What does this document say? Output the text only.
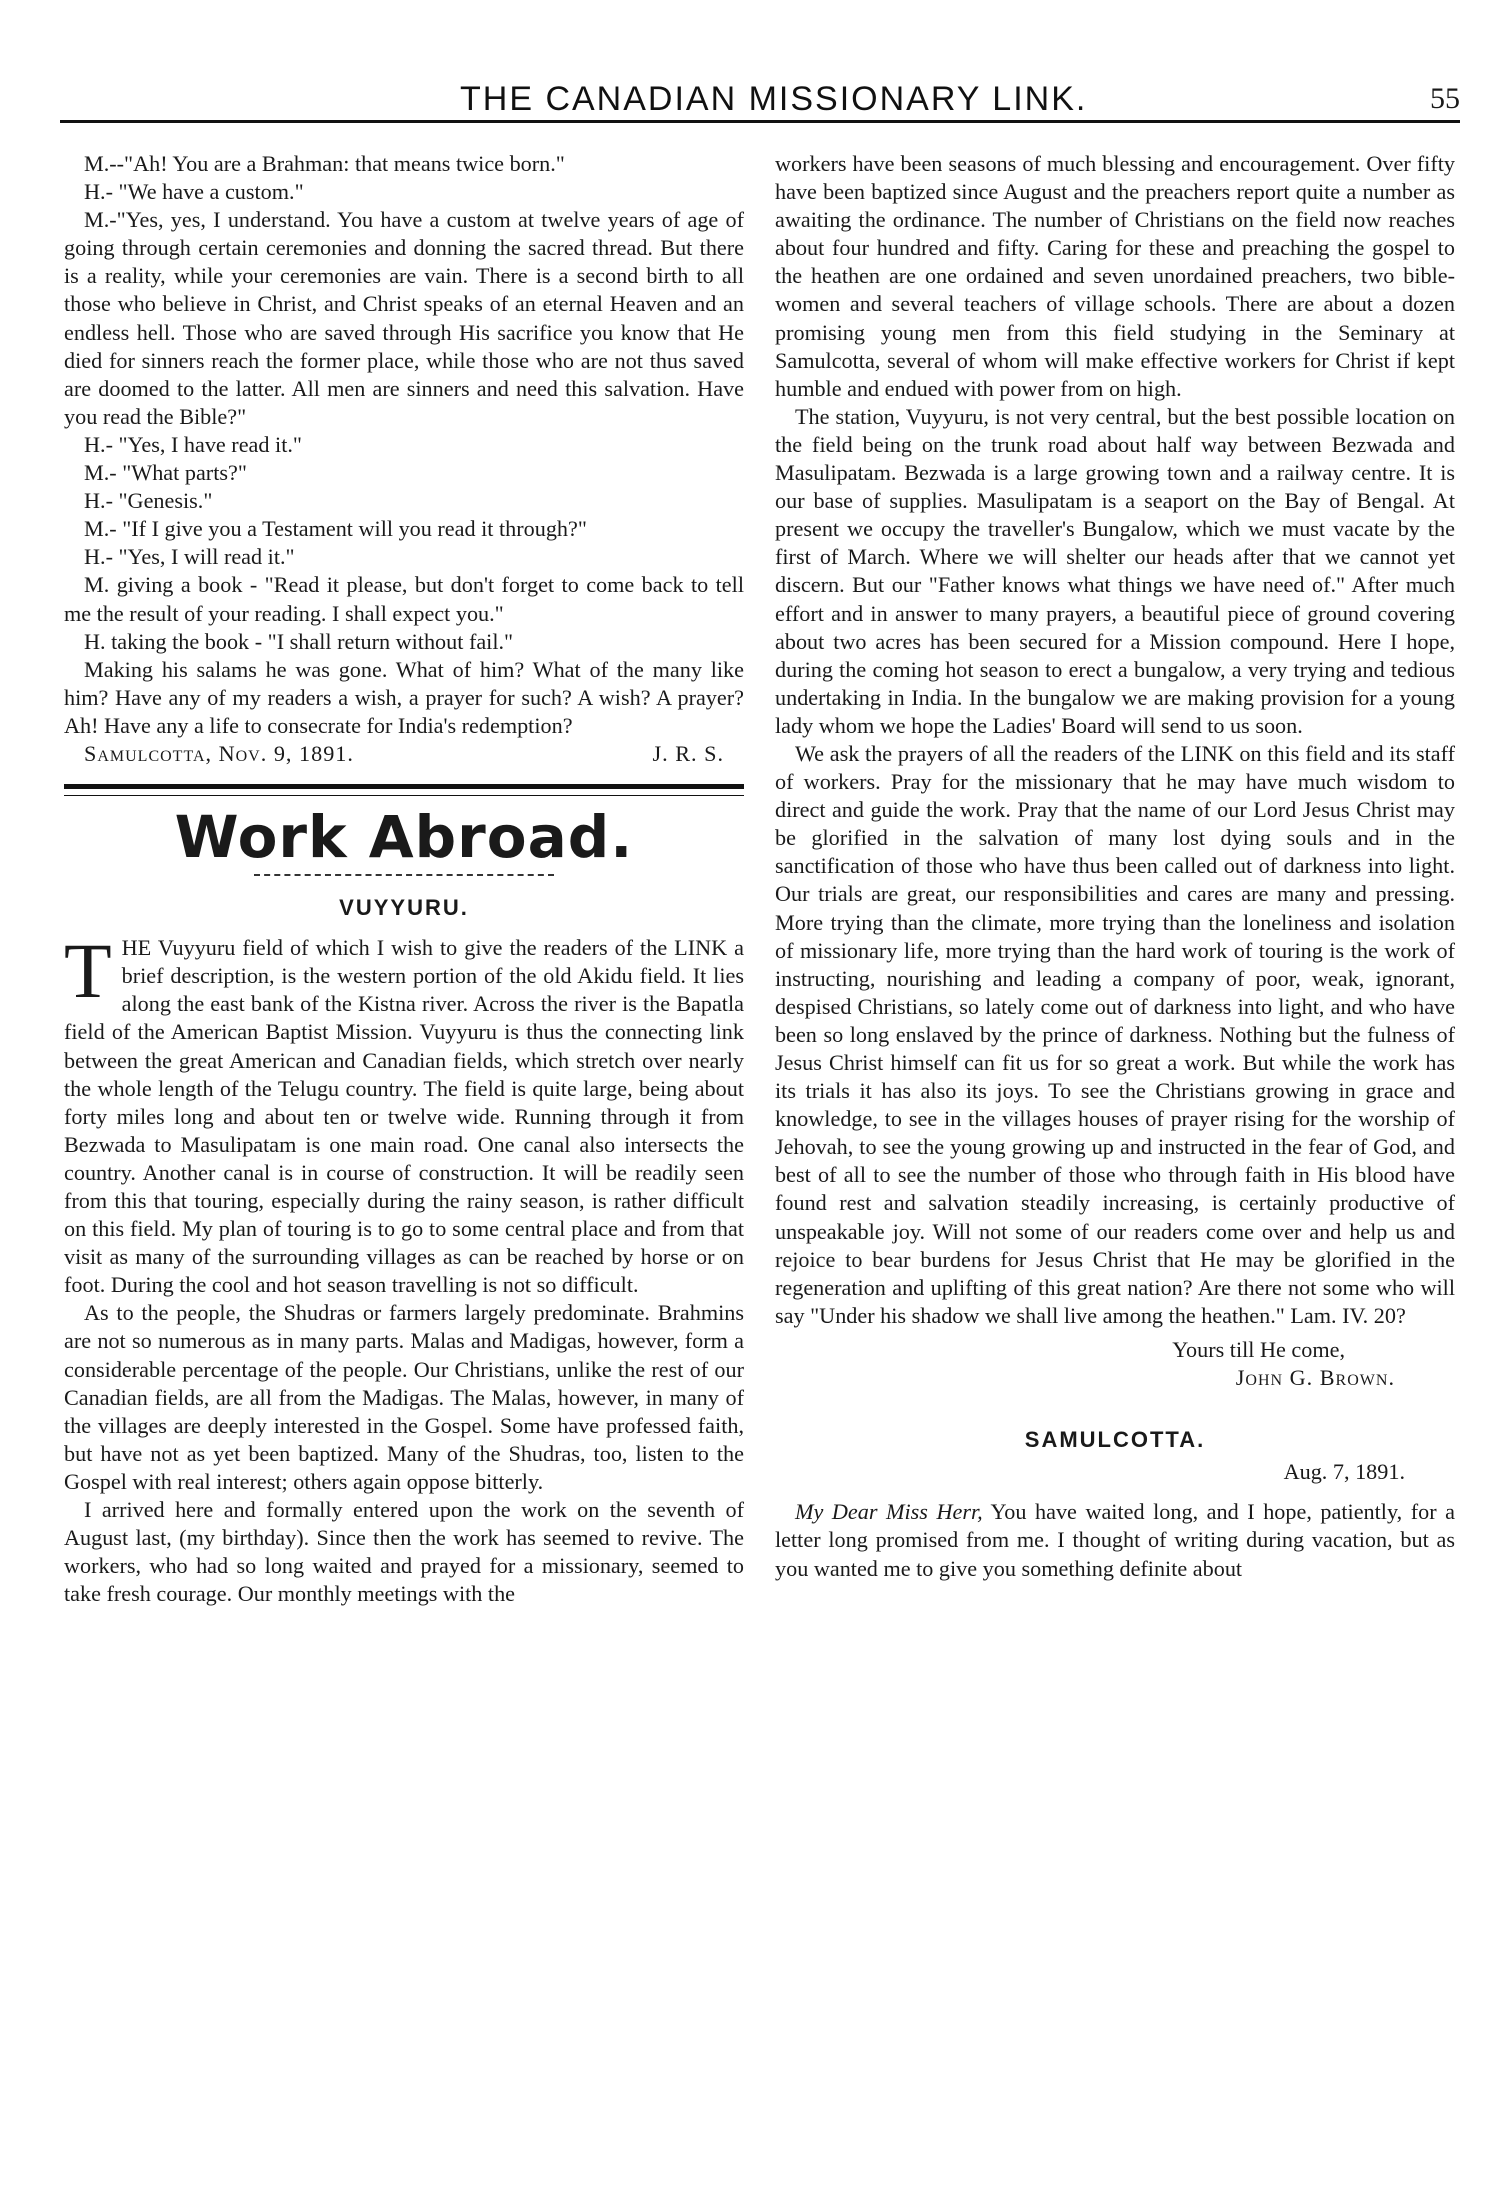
THE CANADIAN MISSIONARY LINK.	55

M.--"Ah! You are a Brahman: that means twice born."

H.- "We have a custom."

M.-"Yes, yes, I understand. You have a custom at twelve years of age of going through certain ceremonies and donning the sacred thread. But there is a reality, while your ceremonies are vain. There is a second birth to all those who believe in Christ, and Christ speaks of an eternal Heaven and an endless hell. Those who are saved through His sacrifice you know that He died for sinners reach the former place, while those who are not thus saved are doomed to the latter. All men are sinners and need this salvation. Have you read the Bible?"

H.- "Yes, I have read it."

M.- "What parts?"

H.- "Genesis."

M.- "If I give you a Testament will you read it through?"

H.- "Yes, I will read it."

M. giving a book - "Read it please, but don't forget to come back to tell me the result of your reading. I shall expect you."

H. taking the book - "I shall return without fail."

Making his salams he was gone. What of him? What of the many like him? Have any of my readers a wish, a prayer for such? A wish? A prayer? Ah! Have any a life to consecrate for India's redemption?

Samulcotta, Nov. 9, 1891.	J. R. S.
Work Abroad.
VUYYURU.

THE Vuyyuru field of which I wish to give the readers of the LINK a brief description, is the western portion of the old Akidu field. It lies along the east bank of the Kistna river. Across the river is the Bapatla field of the American Baptist Mission. Vuyyuru is thus the connecting link between the great American and Canadian fields, which stretch over nearly the whole length of the Telugu country. The field is quite large, being about forty miles long and about ten or twelve wide. Running through it from Bezwada to Masulipatam is one main road. One canal also intersects the country. Another canal is in course of construction. It will be readily seen from this that touring, especially during the rainy season, is rather difficult on this field. My plan of touring is to go to some central place and from that visit as many of the surrounding villages as can be reached by horse or on foot. During the cool and hot season travelling is not so difficult.

As to the people, the Shudras or farmers largely predominate. Brahmins are not so numerous as in many parts. Malas and Madigas, however, form a considerable percentage of the people. Our Christians, unlike the rest of our Canadian fields, are all from the Madigas. The Malas, however, in many of the villages are deeply interested in the Gospel. Some have professed faith, but have not as yet been baptized. Many of the Shudras, too, listen to the Gospel with real interest; others again oppose bitterly.

I arrived here and formally entered upon the work on the seventh of August last, (my birthday). Since then the work has seemed to revive. The workers, who had so long waited and prayed for a missionary, seemed to take fresh courage. Our monthly meetings with the

workers have been seasons of much blessing and encouragement. Over fifty have been baptized since August and the preachers report quite a number as awaiting the ordinance. The number of Christians on the field now reaches about four hundred and fifty. Caring for these and preaching the gospel to the heathen are one ordained and seven unordained preachers, two bible-women and several teachers of village schools. There are about a dozen promising young men from this field studying in the Seminary at Samulcotta, several of whom will make effective workers for Christ if kept humble and endued with power from on high.

The station, Vuyyuru, is not very central, but the best possible location on the field being on the trunk road about half way between Bezwada and Masulipatam. Bezwada is a large growing town and a railway centre. It is our base of supplies. Masulipatam is a seaport on the Bay of Bengal. At present we occupy the traveller's Bungalow, which we must vacate by the first of March. Where we will shelter our heads after that we cannot yet discern. But our "Father knows what things we have need of." After much effort and in answer to many prayers, a beautiful piece of ground covering about two acres has been secured for a Mission compound. Here I hope, during the coming hot season to erect a bungalow, a very trying and tedious undertaking in India. In the bungalow we are making provision for a young lady whom we hope the Ladies' Board will send to us soon.

We ask the prayers of all the readers of the LINK on this field and its staff of workers. Pray for the missionary that he may have much wisdom to direct and guide the work. Pray that the name of our Lord Jesus Christ may be glorified in the salvation of many lost dying souls and in the sanctification of those who have thus been called out of darkness into light. Our trials are great, our responsibilities and cares are many and pressing. More trying than the climate, more trying than the loneliness and isolation of missionary life, more trying than the hard work of touring is the work of instructing, nourishing and leading a company of poor, weak, ignorant, despised Christians, so lately come out of darkness into light, and who have been so long enslaved by the prince of darkness. Nothing but the fulness of Jesus Christ himself can fit us for so great a work. But while the work has its trials it has also its joys. To see the Christians growing in grace and knowledge, to see in the villages houses of prayer rising for the worship of Jehovah, to see the young growing up and instructed in the fear of God, and best of all to see the number of those who through faith in His blood have found rest and salvation steadily increasing, is certainly productive of unspeakable joy. Will not some of our readers come over and help us and rejoice to bear burdens for Jesus Christ that He may be glorified in the regeneration and uplifting of this great nation? Are there not some who will say "Under his shadow we shall live among the heathen." Lam. IV. 20?

Yours till He come,
John G. Brown.
SAMULCOTTA.
Aug. 7, 1891.

My Dear Miss Herr, You have waited long, and I hope, patiently, for a letter long promised from me. I thought of writing during vacation, but as you wanted me to give you something definite about
